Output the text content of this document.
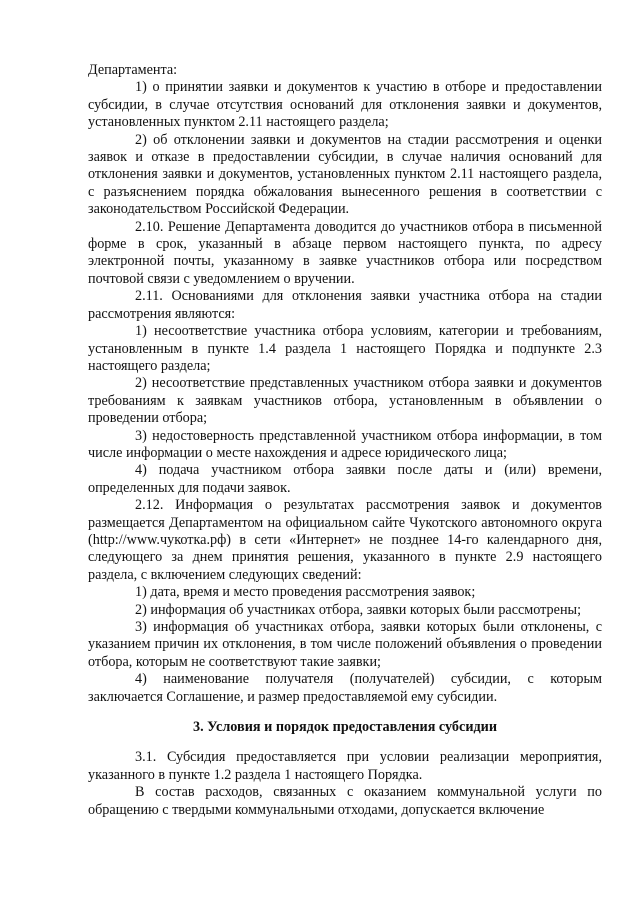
Департамента:

1) о принятии заявки и документов к участию в отборе и предоставлении субсидии, в случае отсутствия оснований для отклонения заявки и документов, установленных пунктом 2.11 настоящего раздела;

2) об отклонении заявки и документов на стадии рассмотрения и оценки заявок и отказе в предоставлении субсидии, в случае наличия оснований для отклонения заявки и документов, установленных пунктом 2.11 настоящего раздела, с разъяснением порядка обжалования вынесенного решения в соответствии с законодательством Российской Федерации.

2.10. Решение Департамента доводится до участников отбора в письменной форме в срок, указанный в абзаце первом настоящего пункта, по адресу электронной почты, указанному в заявке участников отбора или посредством почтовой связи с уведомлением о вручении.

2.11. Основаниями для отклонения заявки участника отбора на стадии рассмотрения являются:

1) несоответствие участника отбора условиям, категории и требованиям, установленным в пункте 1.4 раздела 1 настоящего Порядка и подпункте 2.3 настоящего раздела;

2) несоответствие представленных участником отбора заявки и документов требованиям к заявкам участников отбора, установленным в объявлении о проведении отбора;

3) недостоверность представленной участником отбора информации, в том числе информации о месте нахождения и адресе юридического лица;

4) подача участником отбора заявки после даты и (или) времени, определенных для подачи заявок.

2.12. Информация о результатах рассмотрения заявок и документов размещается Департаментом на официальном сайте Чукотского автономного округа (http://www.чукотка.рф) в сети «Интернет» не позднее 14-го календарного дня, следующего за днем принятия решения, указанного в пункте 2.9 настоящего раздела, с включением следующих сведений:

1) дата, время и место проведения рассмотрения заявок;

2) информация об участниках отбора, заявки которых были рассмотрены;

3) информация об участниках отбора, заявки которых были отклонены, с указанием причин их отклонения, в том числе положений объявления о проведении отбора, которым не соответствуют такие заявки;

4) наименование получателя (получателей) субсидии, с которым заключается Соглашение, и размер предоставляемой ему субсидии.

3. Условия и порядок предоставления субсидии

3.1. Субсидия предоставляется при условии реализации мероприятия, указанного в пункте 1.2 раздела 1 настоящего Порядка.

В состав расходов, связанных с оказанием коммунальной услуги по обращению с твердыми коммунальными отходами, допускается включение
